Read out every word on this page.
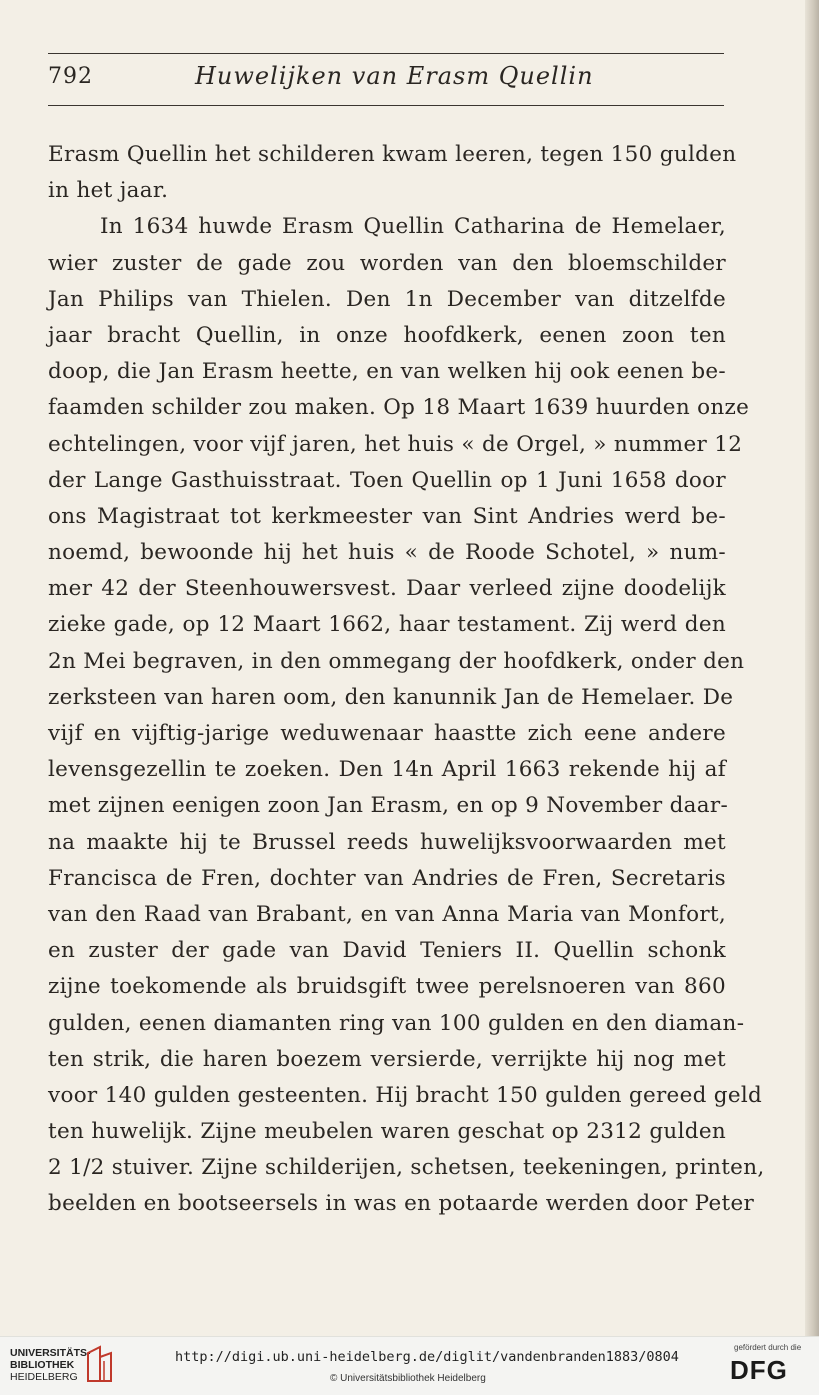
792	Huwelijken van Erasm Quellin
Erasm Quellin het schilderen kwam leeren, tegen 150 gulden
in het jaar.
In 1634 huwde Erasm Quellin Catharina de Hemelaer,
wier zuster de gade zou worden van den bloemschilder
Jan Philips van Thielen. Den 1n December van ditzelfde
jaar bracht Quellin, in onze hoofdkerk, eenen zoon ten
doop, die Jan Erasm heette, en van welken hij ook eenen be-
faamden schilder zou maken. Op 18 Maart 1639 huurden onze
echtelingen, voor vijf jaren, het huis « de Orgel, » nummer 12
der Lange Gasthuisstraat. Toen Quellin op 1 Juni 1658 door
ons Magistraat tot kerkmeester van Sint Andries werd be-
noemd, bewoonde hij het huis « de Roode Schotel, » num-
mer 42 der Steenhouwersvest. Daar verleed zijne doodelijk
zieke gade, op 12 Maart 1662, haar testament. Zij werd den
2n Mei begraven, in den ommegang der hoofdkerk, onder den
zerksteen van haren oom, den kanunnik Jan de Hemelaer. De
vijf en vijftig-jarige weduwenaar haastte zich eene andere
levensgezellin te zoeken. Den 14n April 1663 rekende hij af
met zijnen eenigen zoon Jan Erasm, en op 9 November daar-
na maakte hij te Brussel reeds huwelijksvoorwaarden met
Francisca de Fren, dochter van Andries de Fren, Secretaris
van den Raad van Brabant, en van Anna Maria van Monfort,
en zuster der gade van David Teniers II. Quellin schonk
zijne toekomende als bruidsgift twee perelsnoeren van 860
gulden, eenen diamanten ring van 100 gulden en den diaman-
ten strik, die haren boezem versierde, verrijkte hij nog met
voor 140 gulden gesteenten. Hij bracht 150 gulden gereed geld
ten huwelijk. Zijne meubelen waren geschat op 2312 gulden
2 1/2 stuiver. Zijne schilderijen, schetsen, teekeningen, printen,
beelden en bootseersels in was en potaarde werden door Peter
UNIVERSITÄTS-
BIBLIOTHEK
HEIDELBERG
http://digi.ub.uni-heidelberg.de/diglit/vandenbranden1883/0804
© Universitätsbibliothek Heidelberg
gefördert durch die
DFG
